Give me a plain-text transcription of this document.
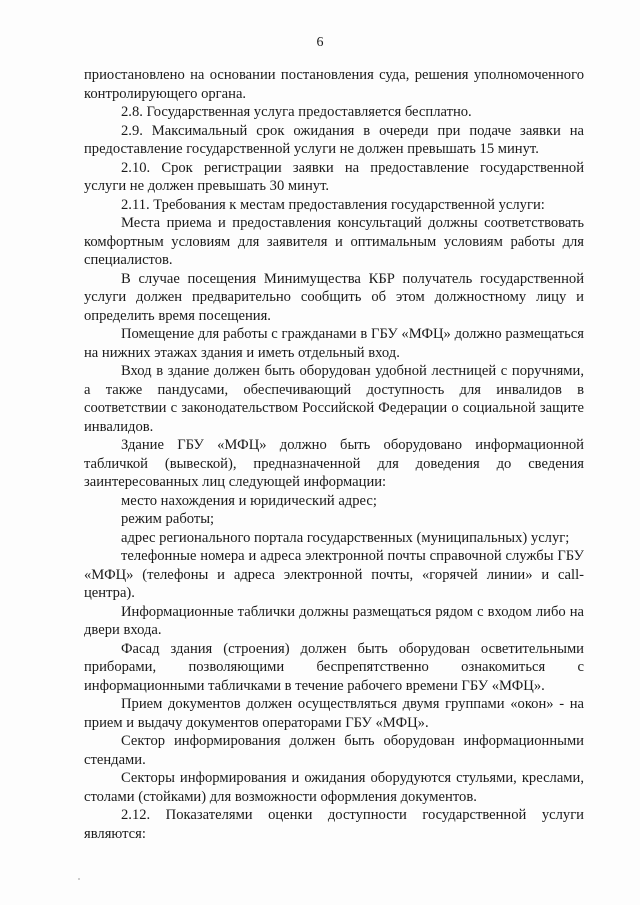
6

приостановлено на основании постановления суда, решения уполномоченного контролирующего органа.

2.8. Государственная услуга предоставляется бесплатно.

2.9. Максимальный срок ожидания в очереди при подаче заявки на предоставление государственной услуги не должен превышать 15 минут.

2.10. Срок регистрации заявки на предоставление государственной услуги не должен превышать 30 минут.

2.11. Требования к местам предоставления государственной услуги:

Места приема и предоставления консультаций должны соответствовать комфортным условиям для заявителя и оптимальным условиям работы для специалистов.

В случае посещения Минимущества КБР получатель государственной услуги должен предварительно сообщить об этом должностному лицу и определить время посещения.

Помещение для работы с гражданами в ГБУ «МФЦ» должно размещаться на нижних этажах здания и иметь отдельный вход.

Вход в здание должен быть оборудован удобной лестницей с поручнями, а также пандусами, обеспечивающий доступность для инвалидов в соответствии с законодательством Российской Федерации о социальной защите инвалидов.

Здание ГБУ «МФЦ» должно быть оборудовано информационной табличкой (вывеской), предназначенной для доведения до сведения заинтересованных лиц следующей информации:

место нахождения и юридический адрес;

режим работы;

адрес регионального портала государственных (муниципальных) услуг;

телефонные номера и адреса электронной почты справочной службы ГБУ «МФЦ» (телефоны и адреса электронной почты, «горячей линии» и call-центра).

Информационные таблички должны размещаться рядом с входом либо на двери входа.

Фасад здания (строения) должен быть оборудован осветительными приборами, позволяющими беспрепятственно ознакомиться с информационными табличками в течение рабочего времени ГБУ «МФЦ».

Прием документов должен осуществляться двумя группами «окон» - на прием и выдачу документов операторами ГБУ «МФЦ».

Сектор информирования должен быть оборудован информационными стендами.

Секторы информирования и ожидания оборудуются стульями, креслами, столами (стойками) для возможности оформления документов.

2.12. Показателями оценки доступности государственной услуги являются:
